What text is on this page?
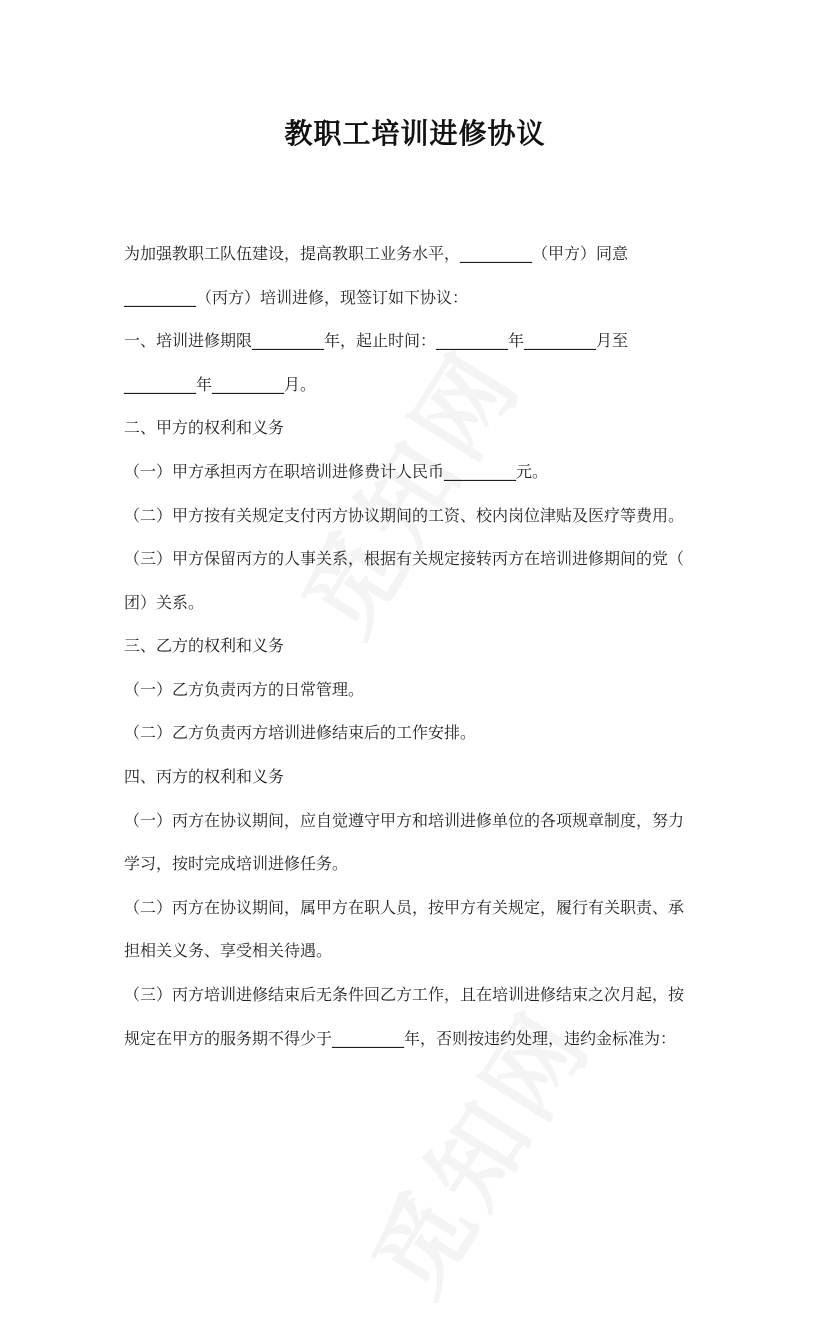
教职工培训进修协议
为加强教职工队伍建设，提高教职工业务水平，_________（甲方）同意
_________（丙方）培训进修，现签订如下协议：
一、培训进修期限_________年，起止时间：_________年_________月至
_________年_________月。
二、甲方的权利和义务
（一）甲方承担丙方在职培训进修费计人民币_________元。
（二）甲方按有关规定支付丙方协议期间的工资、校内岗位津贴及医疗等费用。
（三）甲方保留丙方的人事关系，根据有关规定接转丙方在培训进修期间的党（
团）关系。
三、乙方的权利和义务
（一）乙方负责丙方的日常管理。
（二）乙方负责丙方培训进修结束后的工作安排。
四、丙方的权利和义务
（一）丙方在协议期间，应自觉遵守甲方和培训进修单位的各项规章制度，努力
学习，按时完成培训进修任务。
（二）丙方在协议期间，属甲方在职人员，按甲方有关规定，履行有关职责、承
担相关义务、享受相关待遇。
（三）丙方培训进修结束后无条件回乙方工作，且在培训进修结束之次月起，按
规定在甲方的服务期不得少于_________年，否则按违约处理，违约金标准为：
